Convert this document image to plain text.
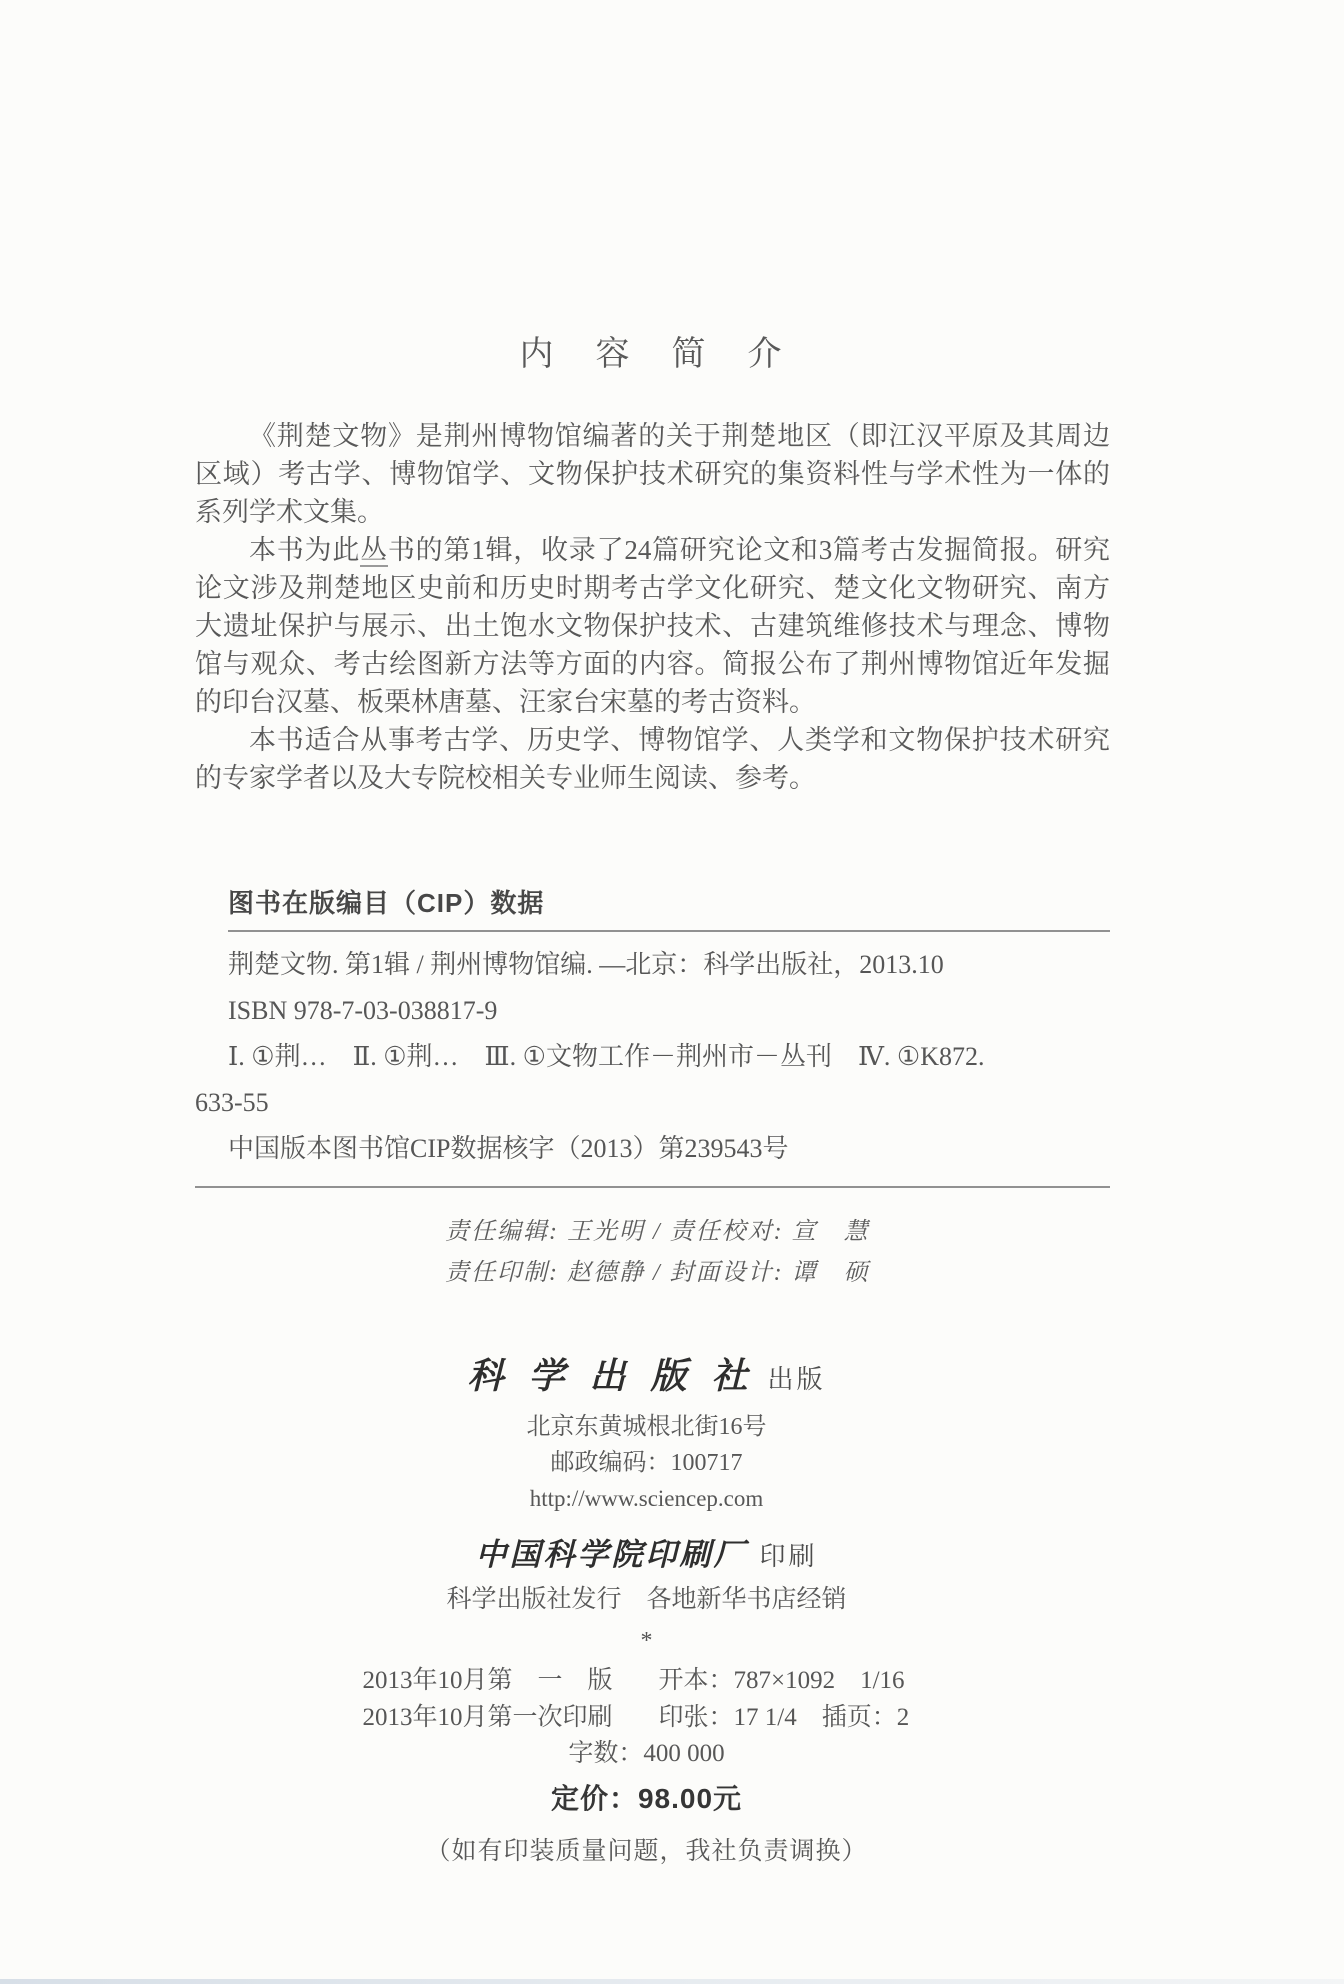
内　容　简　介

《荆楚文物》是荆州博物馆编著的关于荆楚地区（即江汉平原及其周边区域）考古学、博物馆学、文物保护技术研究的集资料性与学术性为一体的系列学术文集。

本书为此丛书的第1辑，收录了24篇研究论文和3篇考古发掘简报。研究论文涉及荆楚地区史前和历史时期考古学文化研究、楚文化文物研究、南方大遗址保护与展示、出土饱水文物保护技术、古建筑维修技术与理念、博物馆与观众、考古绘图新方法等方面的内容。简报公布了荆州博物馆近年发掘的印台汉墓、板栗林唐墓、汪家台宋墓的考古资料。

本书适合从事考古学、历史学、博物馆学、人类学和文物保护技术研究的专家学者以及大专院校相关专业师生阅读、参考。

图书在版编目（CIP）数据
荆楚文物. 第1辑 / 荆州博物馆编. —北京：科学出版社，2013.10
ISBN 978-7-03-038817-9
Ⅰ. ①荆…　Ⅱ. ①荆…　Ⅲ. ①文物工作－荆州市－丛刊　Ⅳ. ①K872.
633-55
中国版本图书馆CIP数据核字（2013）第239543号
责任编辑: 王光明 / 责任校对: 宣　慧
责任印制: 赵德静 / 封面设计: 谭　硕
科 学 出 版 社 出版
北京东黄城根北街16号
邮政编码：100717
http://www.sciencep.com
中国科学院印刷厂 印刷
科学出版社发行　各地新华书店经销
*
2013年10月第　一　版 开本：787×1092　1/16
2013年10月第一次印刷 印张：17 1/4　插页：2
字数：400 000
定价：98.00元
（如有印装质量问题，我社负责调换）
